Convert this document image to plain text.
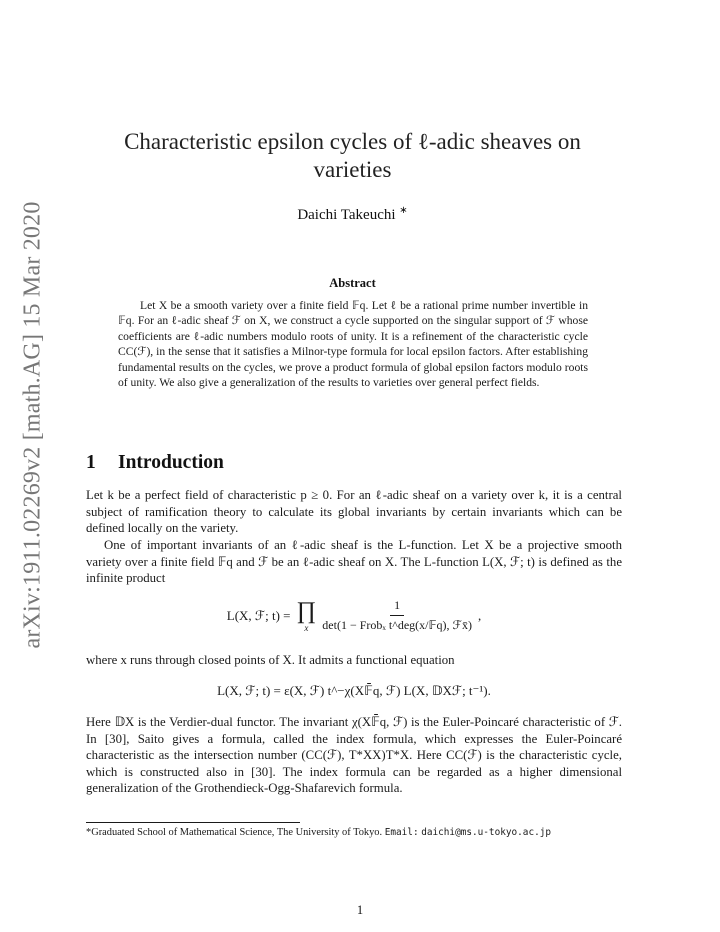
arXiv:1911.02269v2 [math.AG] 15 Mar 2020
Characteristic epsilon cycles of ℓ-adic sheaves on varieties
Daichi Takeuchi ∗
Abstract
Let X be a smooth variety over a finite field 𝔽q. Let ℓ be a rational prime number invertible in 𝔽q. For an ℓ-adic sheaf ℱ on X, we construct a cycle supported on the singular support of ℱ whose coefficients are ℓ-adic numbers modulo roots of unity. It is a refinement of the characteristic cycle CC(ℱ), in the sense that it satisfies a Milnor-type formula for local epsilon factors. After establishing fundamental results on the cycles, we prove a product formula of global epsilon factors modulo roots of unity. We also give a generalization of the results to varieties over general perfect fields.
1 Introduction
Let k be a perfect field of characteristic p ≥ 0. For an ℓ-adic sheaf on a variety over k, it is a central subject of ramification theory to calculate its global invariants by certain invariants which can be defined locally on the variety.
One of important invariants of an ℓ-adic sheaf is the L-function. Let X be a projective smooth variety over a finite field 𝔽q and ℱ be an ℓ-adic sheaf on X. The L-function L(X, ℱ; t) is defined as the infinite product
L(X, ℱ; t) = ∏
x $\frac{1}{\text{det(1 − Frobₓ t\textasciicircum{}deg(x/𝔽q), ℱx̄)}}$ ,
where x runs through closed points of X. It admits a functional equation
L(X, ℱ; t) = ε(X, ℱ) t^−χ(X𝔽̄q, ℱ) L(X, 𝔻Xℱ; t⁻¹).
Here 𝔻X is the Verdier-dual functor. The invariant χ(X𝔽̄q, ℱ) is the Euler-Poincaré characteristic of ℱ. In [30], Saito gives a formula, called the index formula, which expresses the Euler-Poincaré characteristic as the intersection number (CC(ℱ), T*XX)T*X. Here CC(ℱ) is the characteristic cycle, which is constructed also in [30]. The index formula can be regarded as a higher dimensional generalization of the Grothendieck-Ogg-Shafarevich formula.
*Graduated School of Mathematical Science, The University of Tokyo. Email: daichi@ms.u-tokyo.ac.jp
1
